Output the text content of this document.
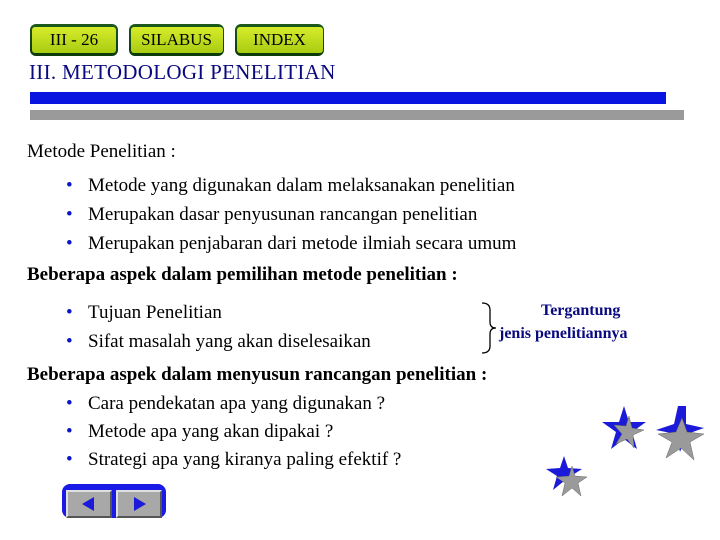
III - 26	SILABUS	INDEX
III. METODOLOGI PENELITIAN
Metode Penelitian :
• Metode yang digunakan dalam melaksanakan penelitian
• Merupakan dasar penyusunan rancangan penelitian
• Merupakan penjabaran dari metode ilmiah secara umum
Beberapa aspek dalam pemilihan metode penelitian :
• Tujuan Penelitian
• Sifat masalah yang akan diselesaikan
Tergantung
jenis penelitiannya
Beberapa aspek dalam menyusun rancangan penelitian :
• Cara pendekatan apa yang digunakan ?
• Metode apa yang akan dipakai ?
• Strategi apa yang kiranya paling efektif ?
